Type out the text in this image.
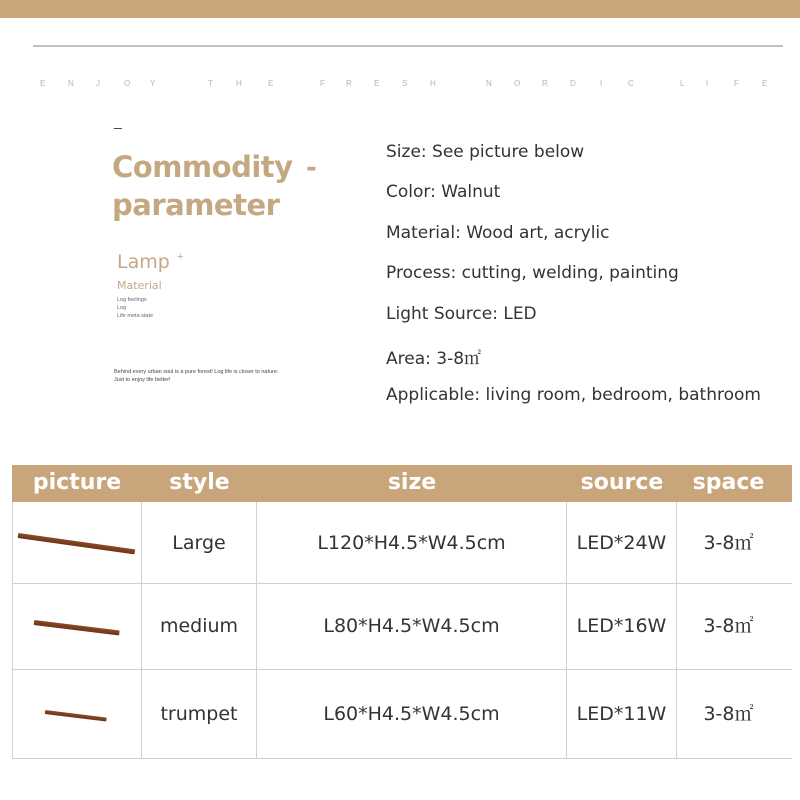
E	N	J	O Y	T	H	E	F	R	E	S	H	N	O	R	D	I	C	L	I	F	E
_
Commodity -
parameter
Lamp +
Material
Log feelings
Log
Life meta state
Behind every urban soul is a pure forest! Log life is closer to nature.
Just to enjoy life better!
Size: See picture below
Color: Walnut
Material: Wood art, acrylic
Process: cutting, welding, painting
Light Source: LED
Area: 3-8㎡
Applicable: living room, bedroom, bathroom
picture	style	size	source	space
Large	L120*H4.5*W4.5cm	LED*24W	3-8㎡
medium	L80*H4.5*W4.5cm	LED*16W	3-8㎡
trumpet	L60*H4.5*W4.5cm	LED*11W	3-8㎡
